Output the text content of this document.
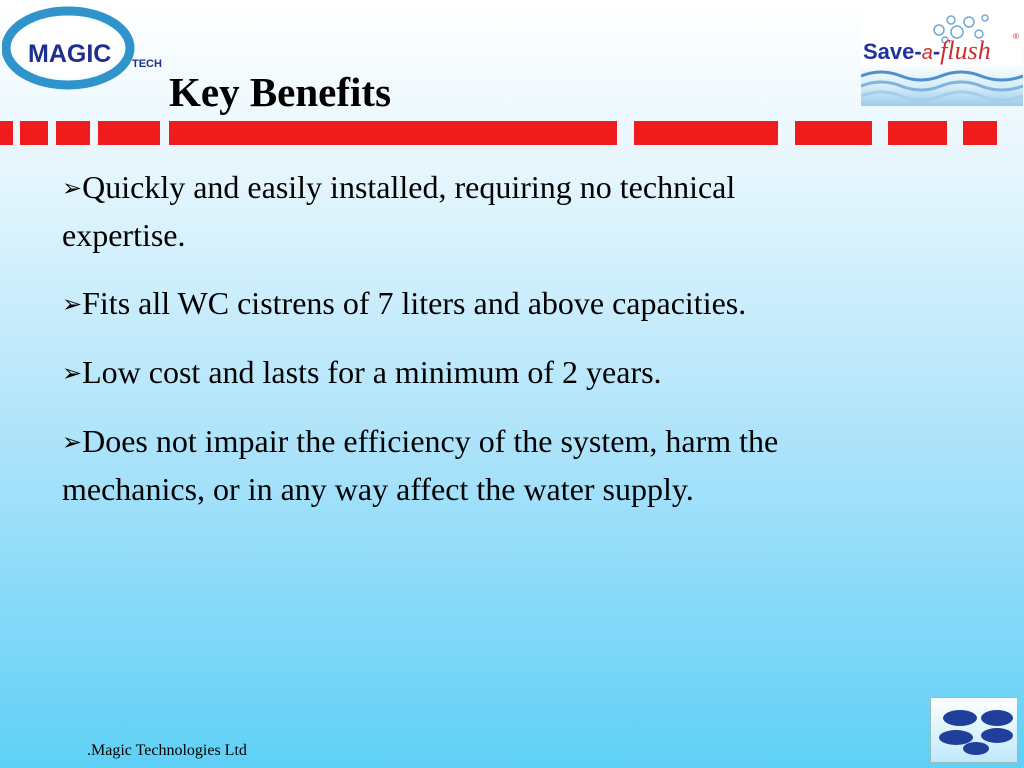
MAGIC TECH	Save-a-flush	®
Key Benefits

➢Quickly and easily installed, requiring no technical expertise.

➢Fits all WC cistrens of 7 liters and above capacities.

➢Low cost and lasts for a minimum of 2 years.

➢Does not impair the efficiency of the system, harm the mechanics, or in any way affect the water supply.

.Magic Technologies Ltd
